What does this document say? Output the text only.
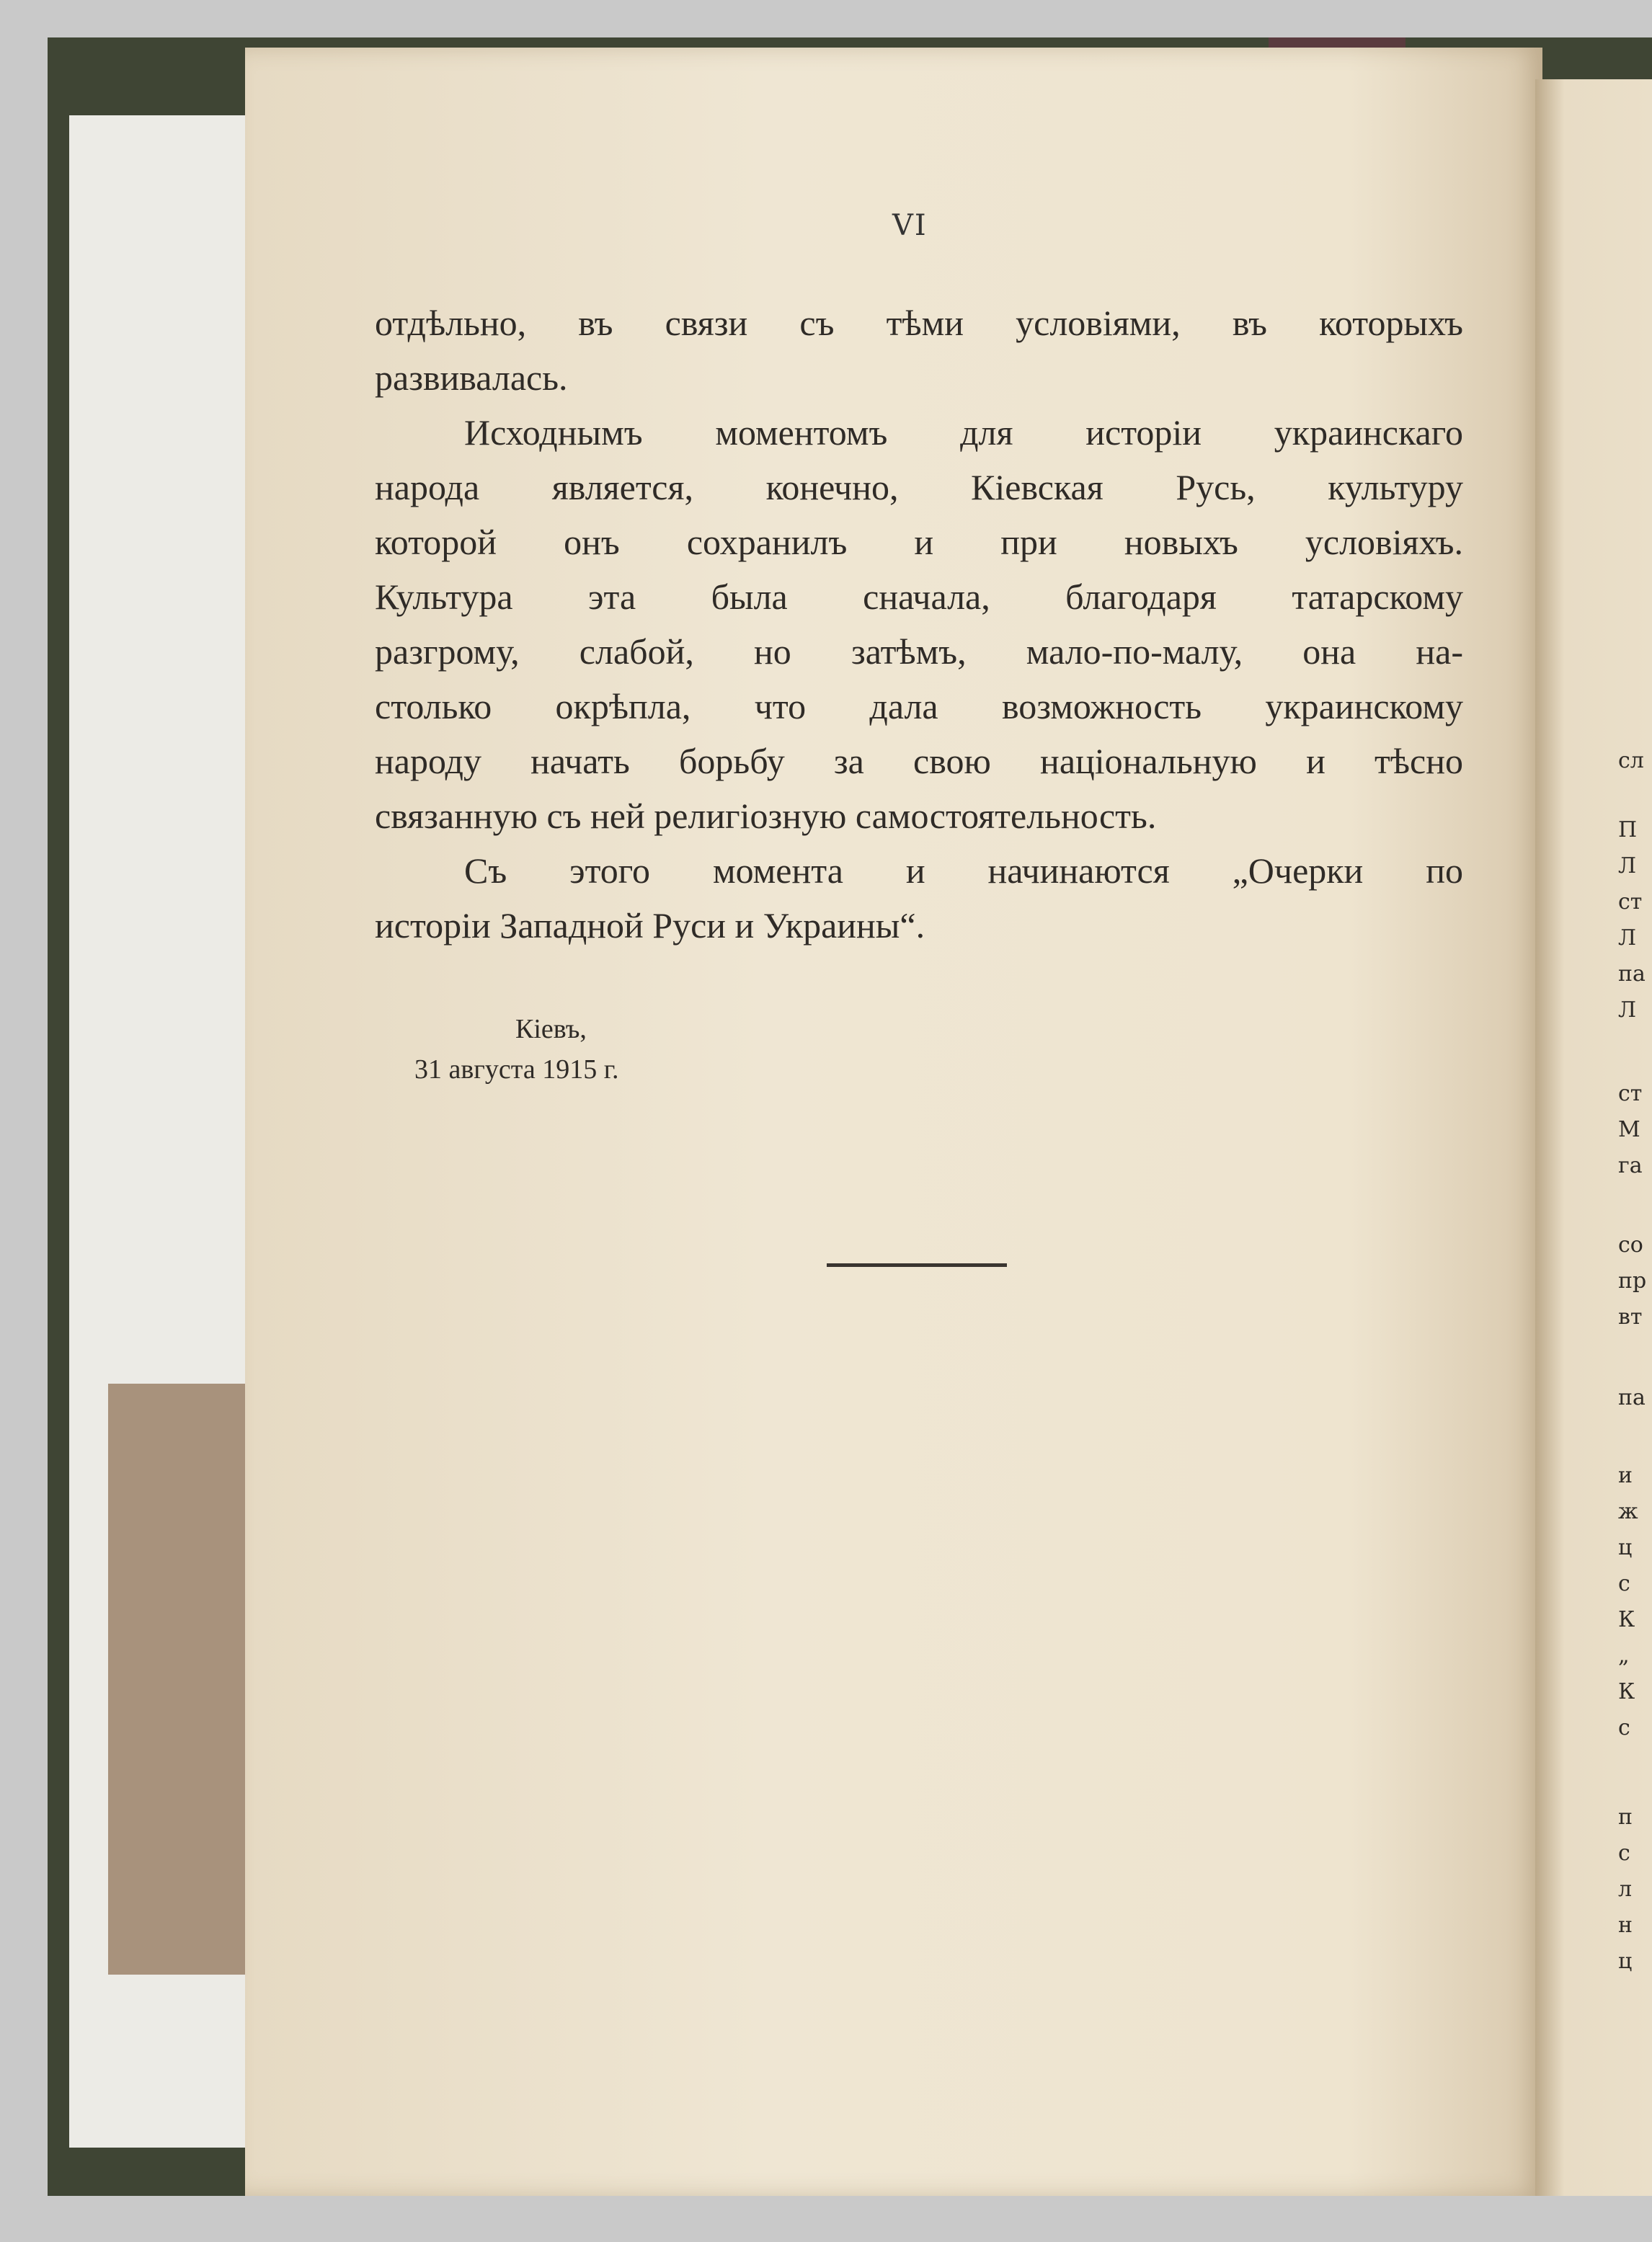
VI

отдѣльно, въ связи съ тѣми условіями, въ которыхъ

развивалась.

Исходнымъ моментомъ для исторіи украинскаго

народа является, конечно, Кіевская Русь, культуру

которой онъ сохранилъ и при новыхъ условіяхъ.

Культура эта была сначала, благодаря татарскому

разгрому, слабой, но затѣмъ, мало-по-малу, она на-

столько окрѣпла, что дала возможность украинскому

народу начать борьбу за свою національную и тѣсно

связанную съ ней религіозную самостоятельность.

Съ этого момента и начинаются „Очерки по

исторіи Западной Руси и Украины“.

Кіевъ,
31 августа 1915 г.
сл
П
Л
ст
Л
па
Л
ст
М
га
со
пр
вт
па
и
ж
ц
с
К
„
К
с
п
с
л
н
ц
